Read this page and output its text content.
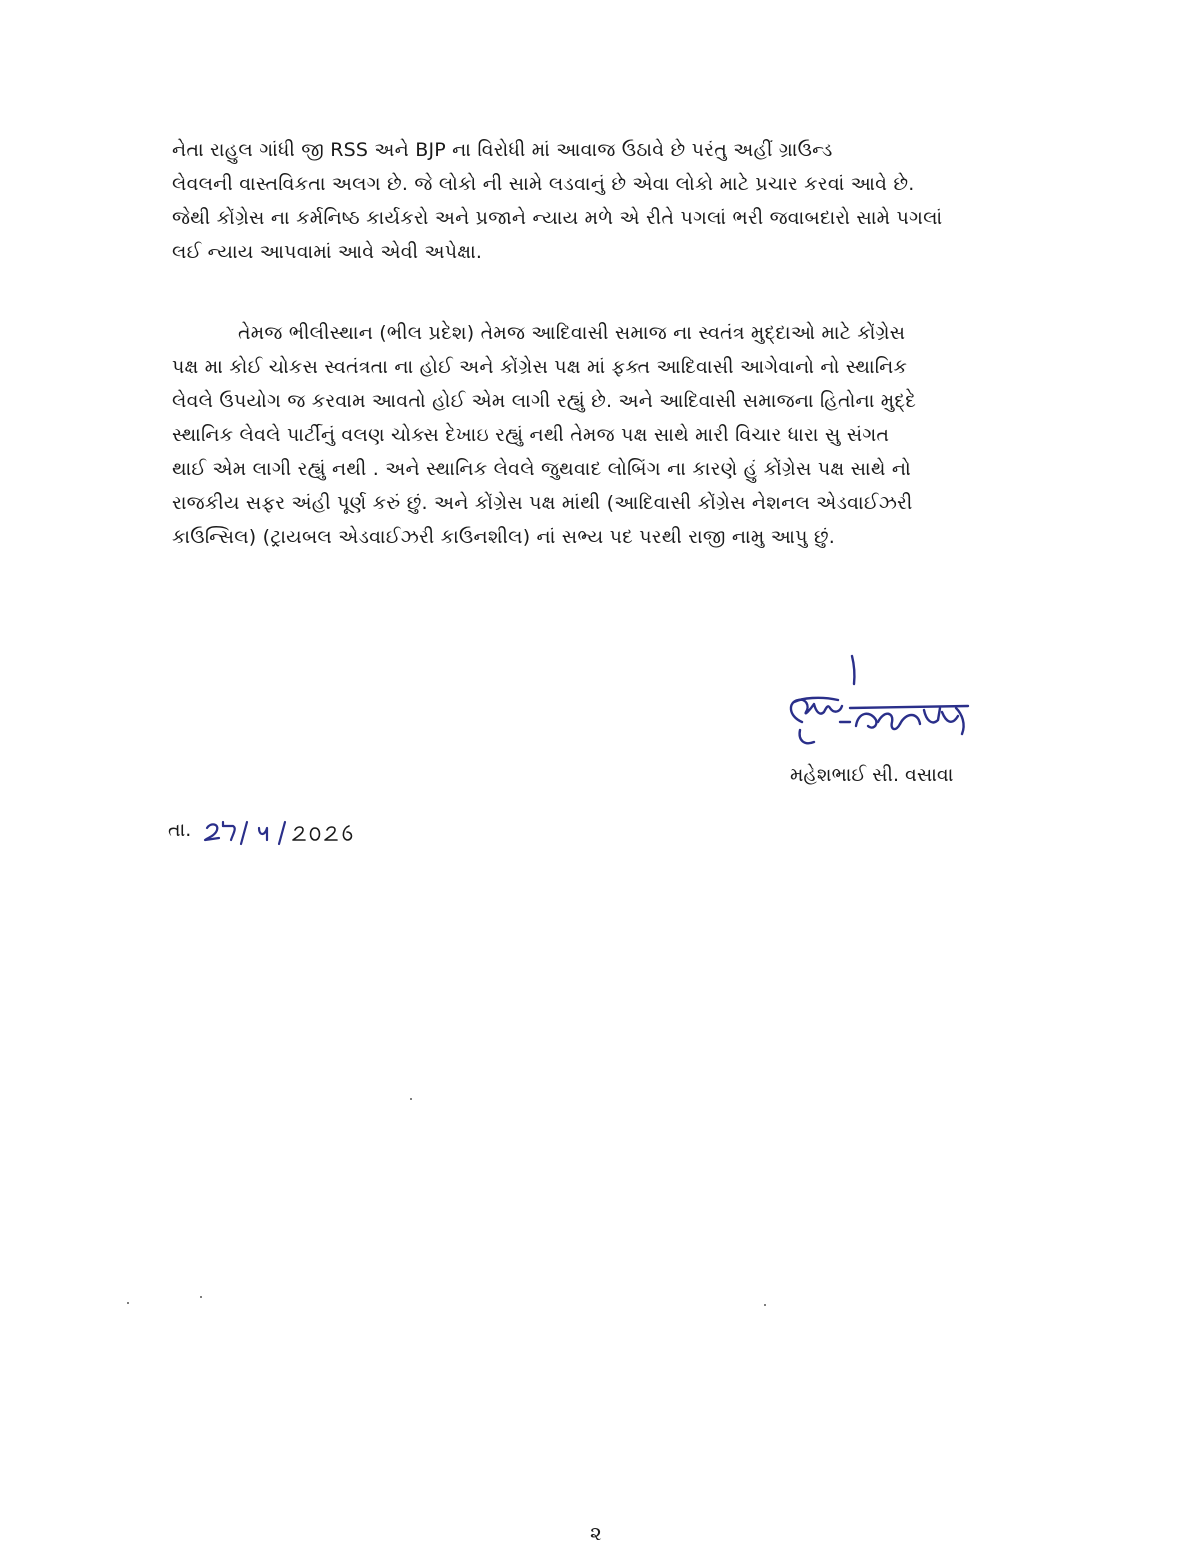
નેતા રાહુલ ગાંધી જી RSS અને BJP ના વિરોધી માં આવાજ ઉઠાવે છે પરંતુ અહીં ગ્રાઉન્ડ
લેવલની વાસ્તવિકતા અલગ છે. જે લોકો ની સામે લડવાનું છે એવા લોકો માટે પ્રચાર કરવાં આવે છે.
જેથી કોંગ્રેસ ના કર્મનિષ્ઠ કાર્યકરો અને પ્રજાને ન્યાય મળે એ રીતે પગલાં ભરી જવાબદારો સામે પગલાં
લઈ ન્યાય આપવામાં આવે એવી અપેક્ષા.
તેમજ ભીલીસ્થાન (ભીલ પ્રદેશ) તેમજ આદિવાસી સમાજ ના સ્વતંત્ર મુદ્દાઓ માટે કોંગ્રેસ
પક્ષ મા કોઈ ચોકસ સ્વતંત્રતા ના હોઈ અને કોંગ્રેસ પક્ષ માં ફક્ત આદિવાસી આગેવાનો નો સ્થાનિક
લેવલે ઉપયોગ જ કરવામ આવતો હોઈ એમ લાગી રહ્યું છે. અને આદિવાસી સમાજના હિતોના મુદ્દે
સ્થાનિક લેવલે પાર્ટીનું વલણ ચોક્સ દેખાઇ રહ્યું નથી તેમજ પક્ષ સાથે મારી વિચાર ધારા સુ સંગત
થાઈ એમ લાગી રહ્યું નથી . અને સ્થાનિક લેવલે જુથવાદ લોબિંગ ના કારણે હું કોંગ્રેસ પક્ષ સાથે નો
રાજકીય સફર અંહી પૂર્ણ કરું છું. અને કોંગ્રેસ પક્ષ માંથી (આદિવાસી કોંગ્રેસ નેશનલ એડવાઈઝરી
કાઉન્સિલ) (ટ્રાયબલ એડવાઈઝરી કાઉનશીલ) નાં સભ્ય પદ પરથી રાજી નામુ આપુ છું.
મહેશભાઈ સી. વસાવા
તા.
૨
